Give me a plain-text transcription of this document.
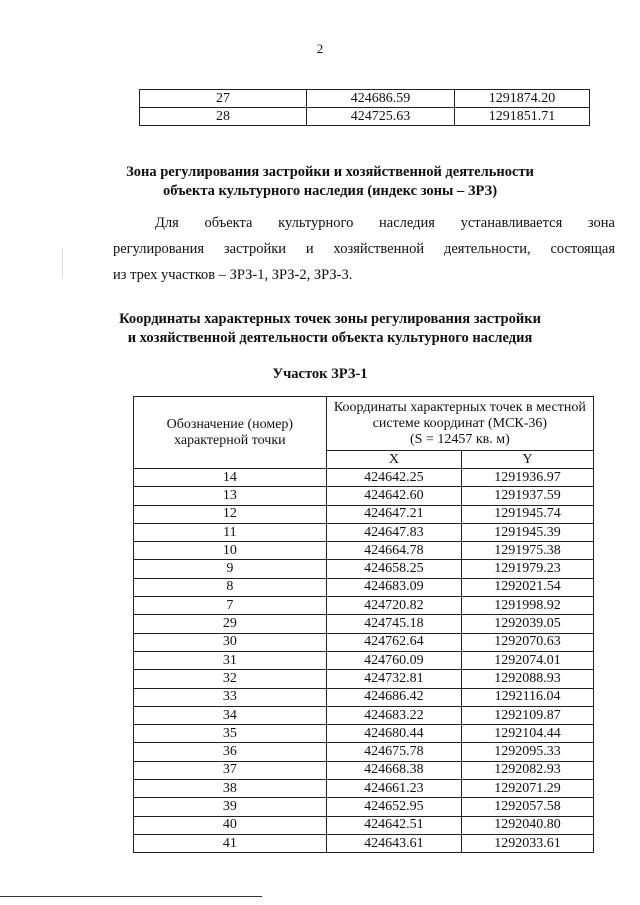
2
27	424686.59	1291874.20
28	424725.63	1291851.71
Зона регулирования застройки и хозяйственной деятельности
объекта культурного наследия (индекс зоны – ЗРЗ)
Для объекта культурного наследия устанавливается зона
регулирования застройки и хозяйственной деятельности, состоящая
из трех участков – ЗРЗ-1, ЗРЗ-2, ЗРЗ-3.
Координаты характерных точек зоны регулирования застройки
и хозяйственной деятельности объекта культурного наследия
Участок ЗРЗ-1
Обозначение (номер) характерной точки	Координаты характерных точек в местной системе координат (МСК-36)
(S = 12457 кв. м)	

	X	Y
14	424642.25	1291936.97
13	424642.60	1291937.59
12	424647.21	1291945.74
11	424647.83	1291945.39
10	424664.78	1291975.38
9	424658.25	1291979.23
8	424683.09	1292021.54
7	424720.82	1291998.92
29	424745.18	1292039.05
30	424762.64	1292070.63
31	424760.09	1292074.01
32	424732.81	1292088.93
33	424686.42	1292116.04
34	424683.22	1292109.87
35	424680.44	1292104.44
36	424675.78	1292095.33
37	424668.38	1292082.93
38	424661.23	1292071.29
39	424652.95	1292057.58
40	424642.51	1292040.80
41	424643.61	1292033.61
